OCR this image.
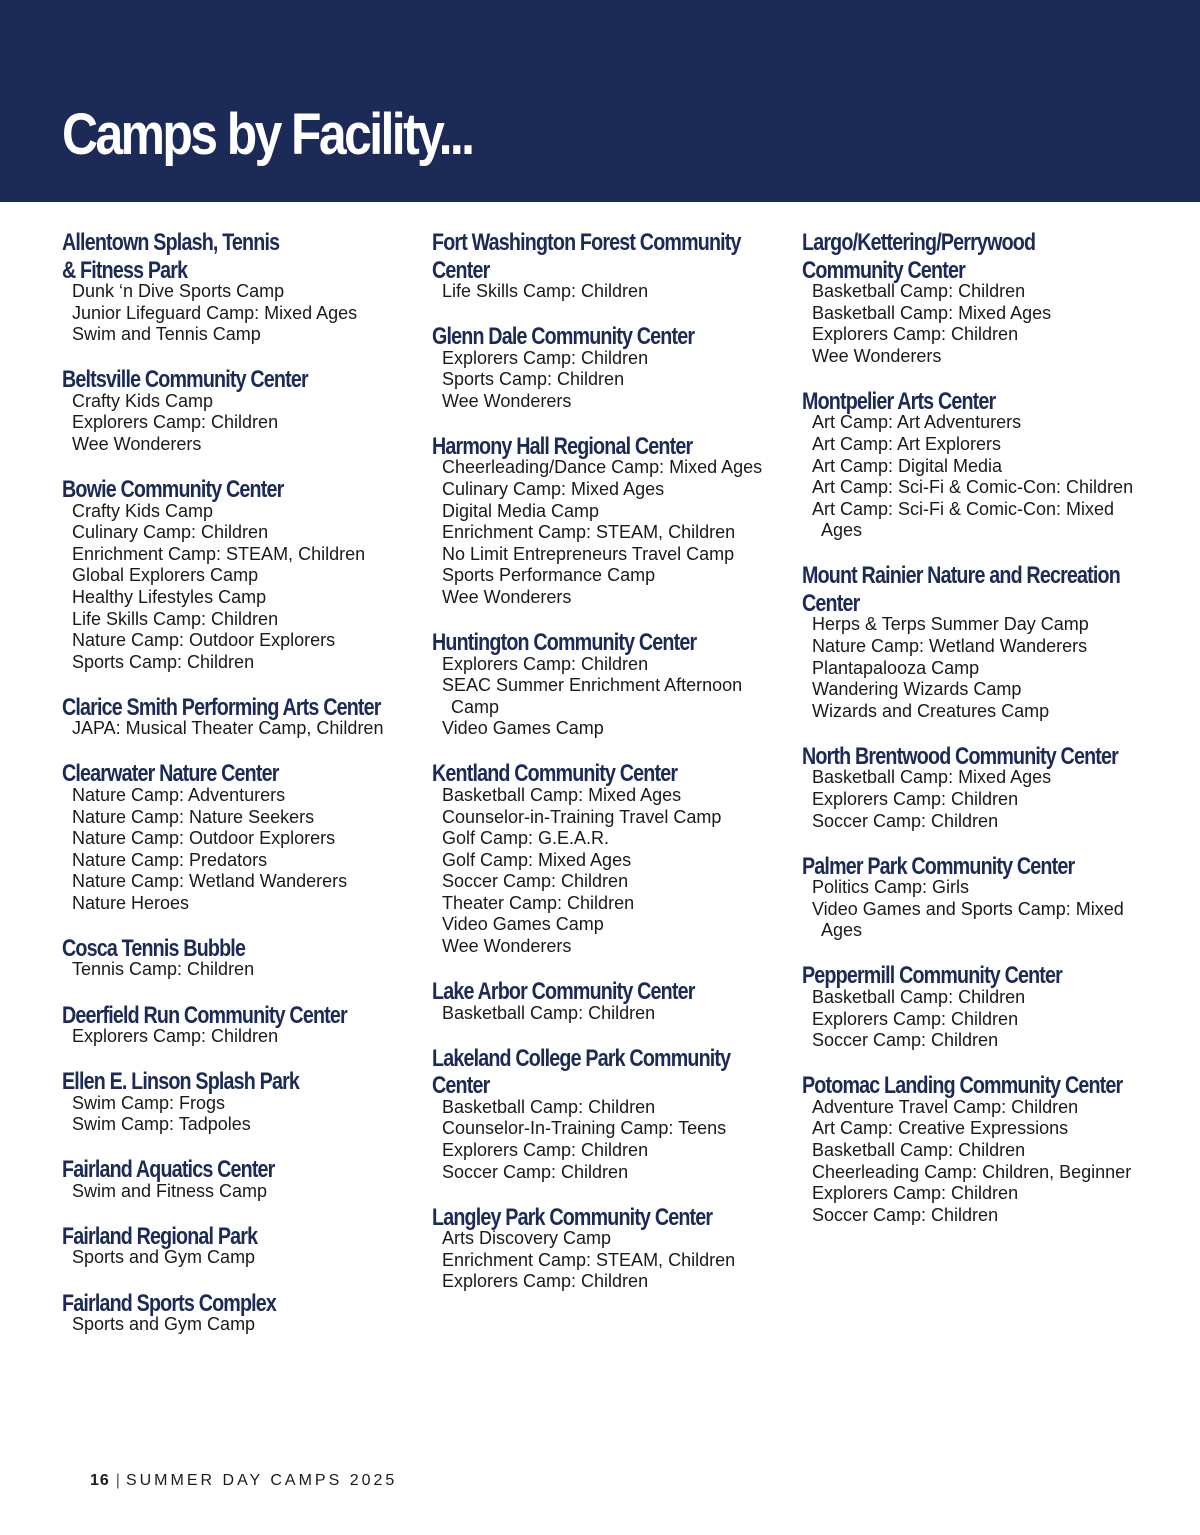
Camps by Facility...
Allentown Splash, Tennis
& Fitness Park
Dunk ‘n Dive Sports Camp
Junior Lifeguard Camp: Mixed Ages
Swim and Tennis Camp
Beltsville Community Center
Crafty Kids Camp
Explorers Camp: Children
Wee Wonderers
Bowie Community Center
Crafty Kids Camp
Culinary Camp: Children
Enrichment Camp: STEAM, Children
Global Explorers Camp
Healthy Lifestyles Camp
Life Skills Camp: Children
Nature Camp: Outdoor Explorers
Sports Camp: Children
Clarice Smith Performing Arts Center
JAPA: Musical Theater Camp, Children
Clearwater Nature Center
Nature Camp: Adventurers
Nature Camp: Nature Seekers
Nature Camp: Outdoor Explorers
Nature Camp: Predators
Nature Camp: Wetland Wanderers
Nature Heroes
Cosca Tennis Bubble
Tennis Camp: Children
Deerfield Run Community Center
Explorers Camp: Children
Ellen E. Linson Splash Park
Swim Camp: Frogs
Swim Camp: Tadpoles
Fairland Aquatics Center
Swim and Fitness Camp
Fairland Regional Park
Sports and Gym Camp
Fairland Sports Complex
Sports and Gym Camp
Fort Washington Forest Community
Center
Life Skills Camp: Children
Glenn Dale Community Center
Explorers Camp: Children
Sports Camp: Children
Wee Wonderers
Harmony Hall Regional Center
Cheerleading/Dance Camp: Mixed Ages
Culinary Camp: Mixed Ages
Digital Media Camp
Enrichment Camp: STEAM, Children
No Limit Entrepreneurs Travel Camp
Sports Performance Camp
Wee Wonderers
Huntington Community Center
Explorers Camp: Children
SEAC Summer Enrichment Afternoon Camp
Video Games Camp
Kentland Community Center
Basketball Camp: Mixed Ages
Counselor-in-Training Travel Camp
Golf Camp: G.E.A.R.
Golf Camp: Mixed Ages
Soccer Camp: Children
Theater Camp: Children
Video Games Camp
Wee Wonderers
Lake Arbor Community Center
Basketball Camp: Children
Lakeland College Park Community
Center
Basketball Camp: Children
Counselor-In-Training Camp: Teens
Explorers Camp: Children
Soccer Camp: Children
Langley Park Community Center
Arts Discovery Camp
Enrichment Camp: STEAM, Children
Explorers Camp: Children
Largo/Kettering/Perrywood
Community Center
Basketball Camp: Children
Basketball Camp: Mixed Ages
Explorers Camp: Children
Wee Wonderers
Montpelier Arts Center
Art Camp: Art Adventurers
Art Camp: Art Explorers
Art Camp: Digital Media
Art Camp: Sci-Fi & Comic-Con: Children
Art Camp: Sci-Fi & Comic-Con: Mixed Ages
Mount Rainier Nature and Recreation
Center
Herps & Terps Summer Day Camp
Nature Camp: Wetland Wanderers
Plantapalooza Camp
Wandering Wizards Camp
Wizards and Creatures Camp
North Brentwood Community Center
Basketball Camp: Mixed Ages
Explorers Camp: Children
Soccer Camp: Children
Palmer Park Community Center
Politics Camp: Girls
Video Games and Sports Camp: Mixed Ages
Peppermill Community Center
Basketball Camp: Children
Explorers Camp: Children
Soccer Camp: Children
Potomac Landing Community Center
Adventure Travel Camp: Children
Art Camp: Creative Expressions
Basketball Camp: Children
Cheerleading Camp: Children, Beginner
Explorers Camp: Children
Soccer Camp: Children
16 | SUMMER DAY CAMPS 2025
